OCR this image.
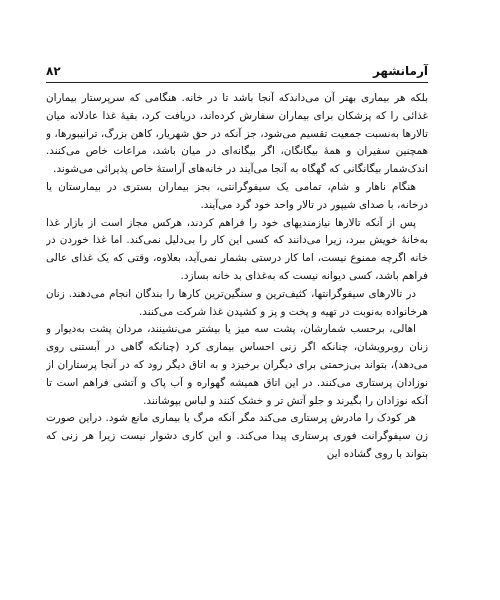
آرمانشهر
۸۲

بلکه هر بیماری بهتر آن می‌داندکه آنجا باشد تا در خانه. هنگامی که سرپرستار بیماران غذائی را که پزشکان برای بیماران سفارش کرده‌اند، دریافت کرد، بقیهٔ غذا عادلانه میان تالارها به‌نسبت جمعیت تقسیم می‌شود، جز آنکه در حق شهریار، کاهن بزرگ، ترانیبورها، و همچنین سفیران و همهٔ بیگانگان، اگر بیگانه‌ای در میان باشد، مراعات خاص می‌کنند. اندک‌شمار بیگانگانی که گهگاه به آنجا می‌آیند در خانه‌های آراستهٔ خاص پذیرائی می‌شوند.

هنگام ناهار و شام، تمامی یک سیفوگرانتی، بجز بیماران بستری در بیمارستان یا درخانه، با صدای شیپور در تالار واحد خود گرد می‌آیند.

پس از آنکه تالارها نیازمندیهای خود را فراهم کردند، هرکس مجاز است از بازار غذا به‌خانهٔ خویش ببرد، زیرا می‌دانند که کسی این کار را بی‌دلیل نمی‌کند. اما غذا خوردن در خانه اگرچه ممنوع نیست، اما کار درستی بشمار نمی‌آید، بعلاوه، وقتی که یک غذای عالی فراهم باشد، کسی دیوانه نیست که به‌غذای بد خانه بسازد.

در تالارهای سیفوگرانتها، کثیف‌ترین و سنگین‌ترین کارها را بندگان انجام می‌دهند. زنان هرخانواده به‌نوبت در تهیه و پخت و پز و کشیدن غذا شرکت می‌کنند.

اهالی، برحسب شمارشان، پشت سه میز یا بیشتر می‌نشینند، مردان پشت به‌دیوار و زنان روبرویشان، چنانکه اگر زنی احساس بیماری کرد (چنانکه گاهی در آبستنی روی می‌دهد)، بتواند بی‌زحمتی برای دیگران برخیزد و به اتاق دیگر رود که در آنجا پرستاران از نوزادان پرستاری می‌کنند. در این اتاق همیشه گهواره و آب پاک و آتشی فراهم است تا آنکه نوزادان را بگیرند و جلو آتش تر و خشک کنند و لباس بپوشانند.

هر کودک را مادرش پرستاری می‌کند مگر آنکه مرگ یا بیماری مانع شود. دراین صورت زن سیفوگرانت فوری پرستاری پیدا می‌کند. و این کاری دشوار نیست زیرا هر زنی که بتواند با روی گشاده این
